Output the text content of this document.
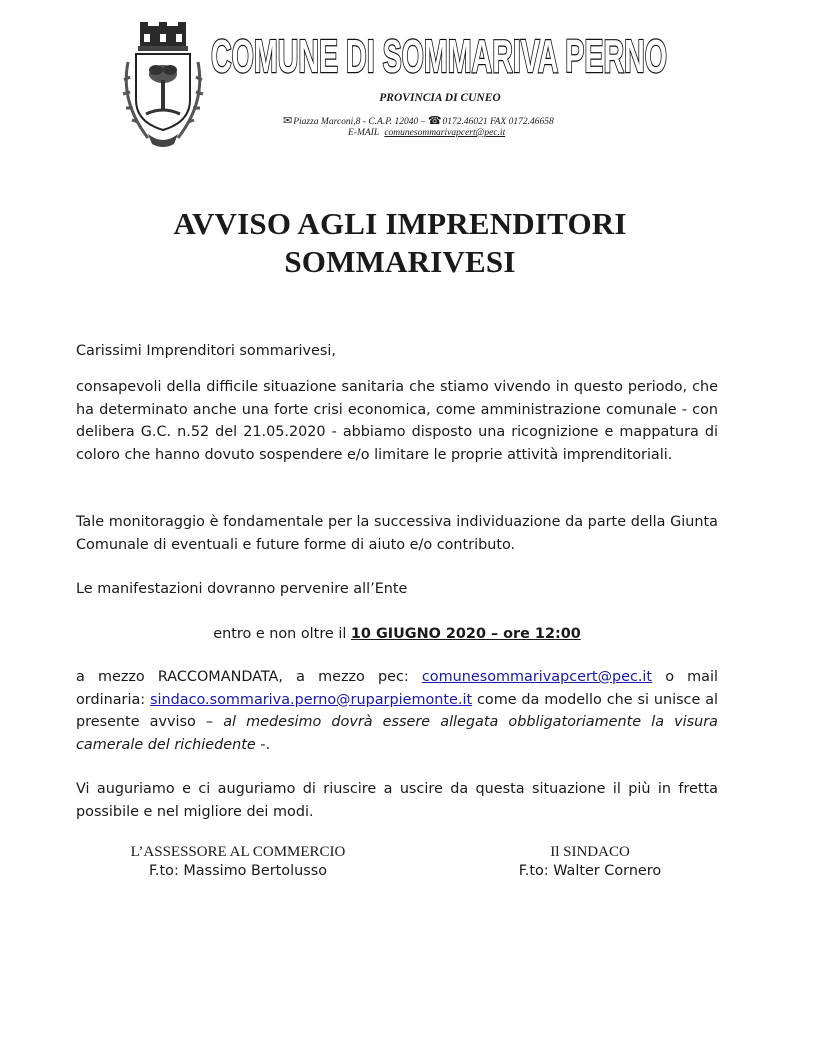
COMUNE DI SOMMARIVA PERNO
PROVINCIA DI CUNEO
✉Piazza Marconi,8 - C.A.P. 12040 – ☎0172.46021 FAX 0172.46658
E-MAIL comunesommarivapcert@pec.it
AVVISO AGLI IMPRENDITORI
SOMMARIVESI
Carissimi Imprenditori sommarivesi,
consapevoli della difficile situazione sanitaria che stiamo vivendo in questo periodo, che ha determinato anche una forte crisi economica, come amministrazione comunale - con delibera G.C. n.52 del 21.05.2020 - abbiamo disposto una ricognizione e mappatura di coloro che hanno dovuto sospendere e/o limitare le proprie attività imprenditoriali.
Tale monitoraggio è fondamentale per la successiva individuazione da parte della Giunta Comunale di eventuali e future forme di aiuto e/o contributo.
Le manifestazioni dovranno pervenire all’Ente
entro e non oltre il 10 GIUGNO 2020 – ore 12:00
a mezzo RACCOMANDATA, a mezzo pec: comunesommarivapcert@pec.it o mail ordinaria: sindaco.sommariva.perno@ruparpiemonte.it come da modello che si unisce al presente avviso – al medesimo dovrà essere allegata obbligatoriamente la visura camerale del richiedente -.
Vi auguriamo e ci auguriamo di riuscire a uscire da questa situazione il più in fretta possibile e nel migliore dei modi.
L’ASSESSORE AL COMMERCIO
F.to: Massimo Bertolusso
Il SINDACO
F.to: Walter Cornero
